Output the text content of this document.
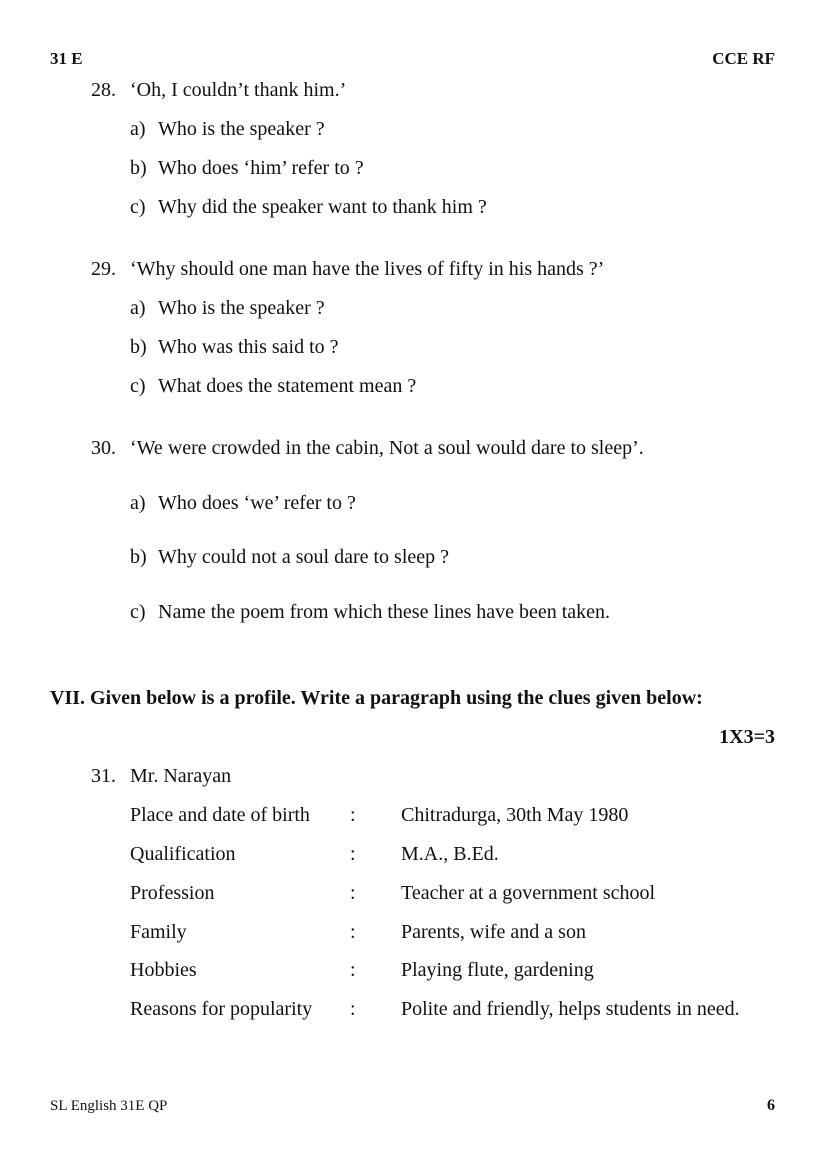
31 E	CCE RF
28. ‘Oh, I couldn’t thank him.’
a) Who is the speaker ?
b) Who does ‘him’ refer to ?
c) Why did the speaker want to thank him ?
29. ‘Why should one man have the lives of fifty in his hands ?’
a) Who is the speaker ?
b) Who was this said to ?
c) What does the statement mean ?
30. ‘We were crowded in the cabin, Not a soul would dare to sleep’.
a) Who does ‘we’ refer to ?
b) Why could not a soul dare to sleep ?
c) Name the poem from which these lines have been taken.
VII. Given below is a profile. Write a paragraph using the clues given below:
1X3=3
31. Mr. Narayan
Place and date of birth : Chitradurga, 30th May 1980
Qualification	: M.A., B.Ed.
Profession	: Teacher at a government school
Family	: Parents, wife and a son
Hobbies	: Playing flute, gardening
Reasons for popularity : Polite and friendly, helps students in need.
SL English 31E QP	6
